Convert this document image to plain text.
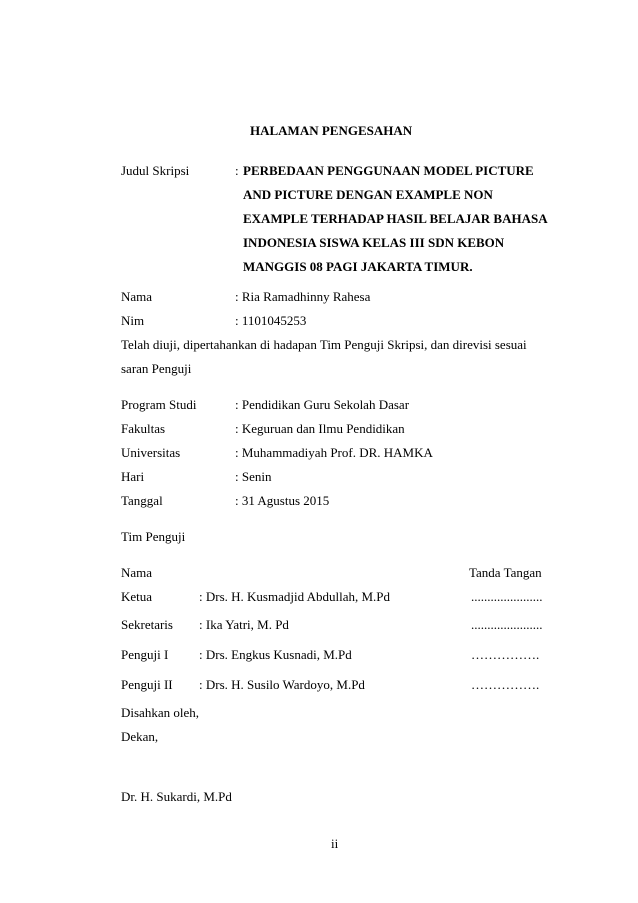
HALAMAN PENGESAHAN
Judul Skripsi	: PERBEDAAN PENGGUNAAN MODEL PICTURE
AND PICTURE DENGAN EXAMPLE NON
EXAMPLE TERHADAP HASIL BELAJAR BAHASA
INDONESIA SISWA KELAS III SDN KEBON
MANGGIS 08 PAGI JAKARTA TIMUR.
Nama	: Ria Ramadhinny Rahesa
Nim	: 1101045253
Telah diuji, dipertahankan di hadapan Tim Penguji Skripsi, dan direvisi sesuai
saran Penguji
Program Studi	: Pendidikan Guru Sekolah Dasar
Fakultas	: Keguruan dan Ilmu Pendidikan
Universitas	: Muhammadiyah Prof. DR. HAMKA
Hari	: Senin
Tanggal	: 31 Agustus 2015
Tim Penguji
Nama	Tanda Tangan
Ketua	: Drs. H. Kusmadjid Abdullah, M.Pd	......................
Sekretaris : Ika Yatri, M. Pd	......................
Penguji I : Drs. Engkus Kusnadi, M.Pd	…………….
Penguji II : Drs. H. Susilo Wardoyo, M.Pd	…………….
Disahkan oleh,
Dekan,
Dr. H. Sukardi, M.Pd
ii
